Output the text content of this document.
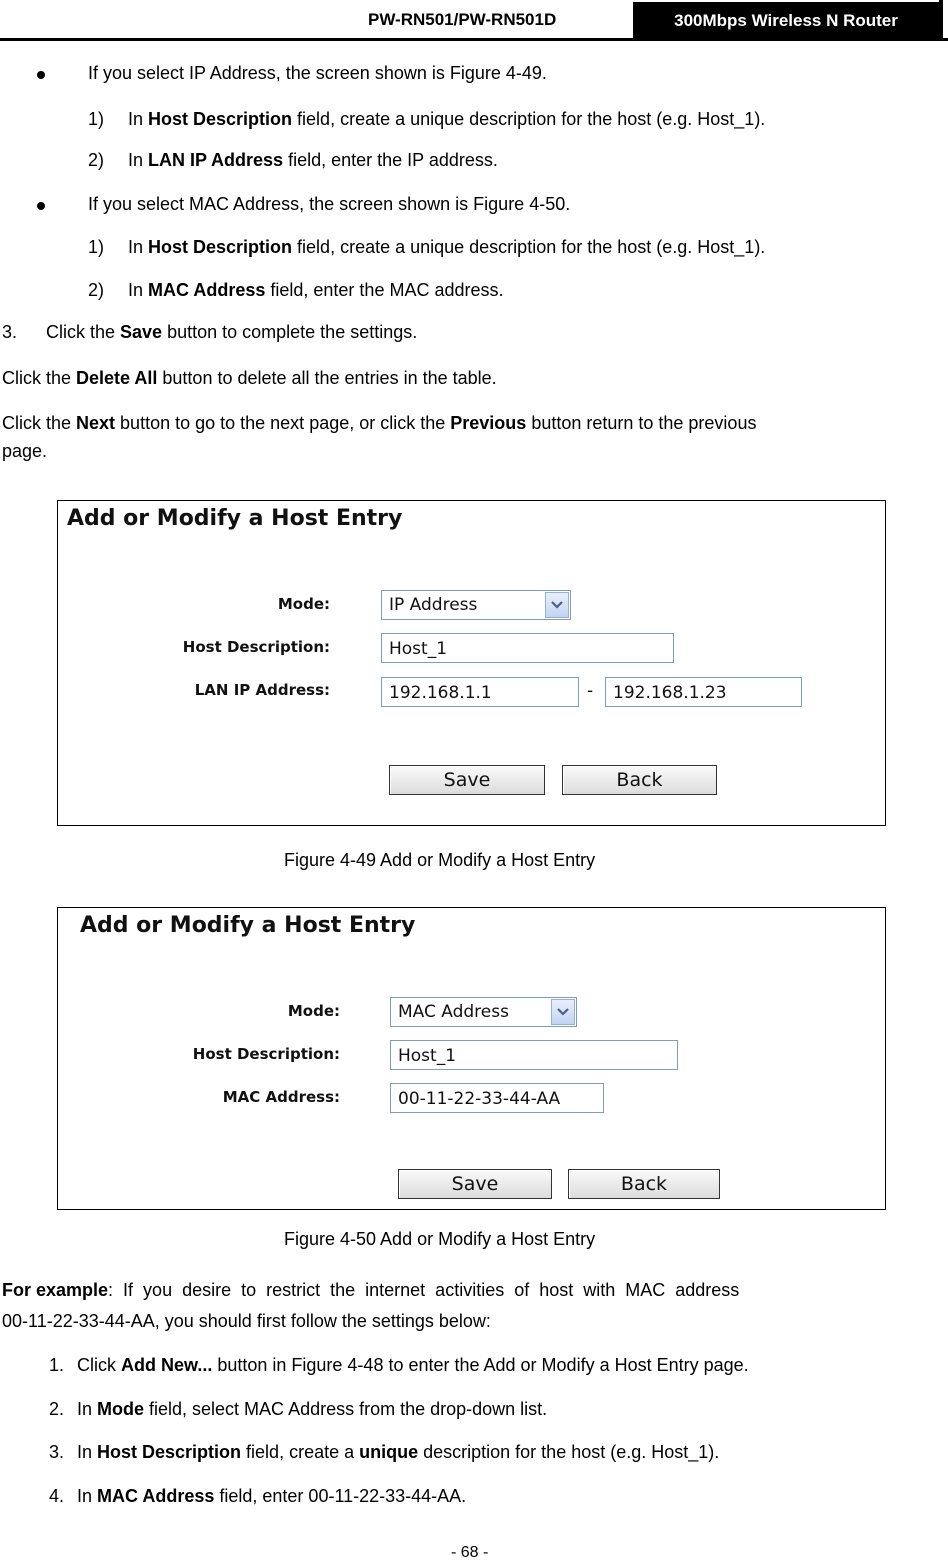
PW-RN501/PW-RN501D	300Mbps Wireless N Router
If you select IP Address, the screen shown is Figure 4-49.
1) In Host Description field, create a unique description for the host (e.g. Host_1).
2) In LAN IP Address field, enter the IP address.
If you select MAC Address, the screen shown is Figure 4-50.
1) In Host Description field, create a unique description for the host (e.g. Host_1).
2) In MAC Address field, enter the MAC address.
3. Click the Save button to complete the settings.
Click the Delete All button to delete all the entries in the table.
Click the Next button to go to the next page, or click the Previous button return to the previous
page.
Add or Modify a Host Entry
Mode:	IP Address
Host Description:	Host_1
LAN IP Address:	192.168.1.1	-	192.168.1.23
Save	Back
Figure 4-49 Add or Modify a Host Entry
Add or Modify a Host Entry
Mode:	MAC Address
Host Description:	Host_1
MAC Address:	00-11-22-33-44-AA
Save	Back
Figure 4-50 Add or Modify a Host Entry
For example:  If  you  desire  to  restrict  the  internet  activities  of  host  with  MAC  address
00-11-22-33-44-AA, you should first follow the settings below:
1. Click Add New... button in Figure 4-48 to enter the Add or Modify a Host Entry page.
2. In Mode field, select MAC Address from the drop-down list.
3. In Host Description field, create a unique description for the host (e.g. Host_1).
4. In MAC Address field, enter 00-11-22-33-44-AA.
- 68 -
